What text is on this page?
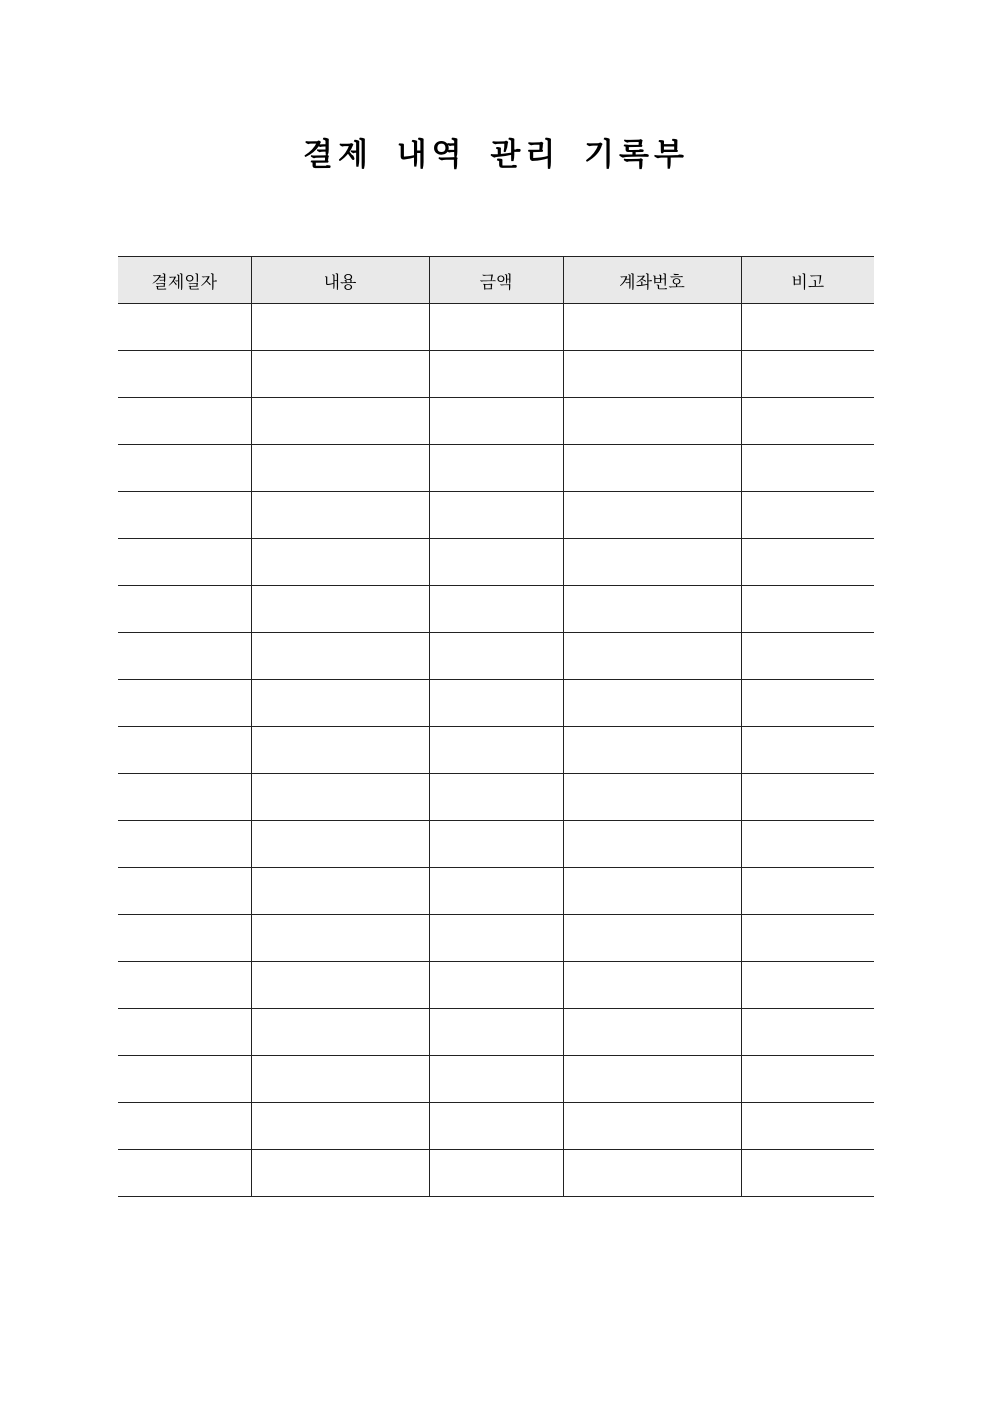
결제 내역 관리 기록부
결제일자	내용	금액	계좌번호	비고
